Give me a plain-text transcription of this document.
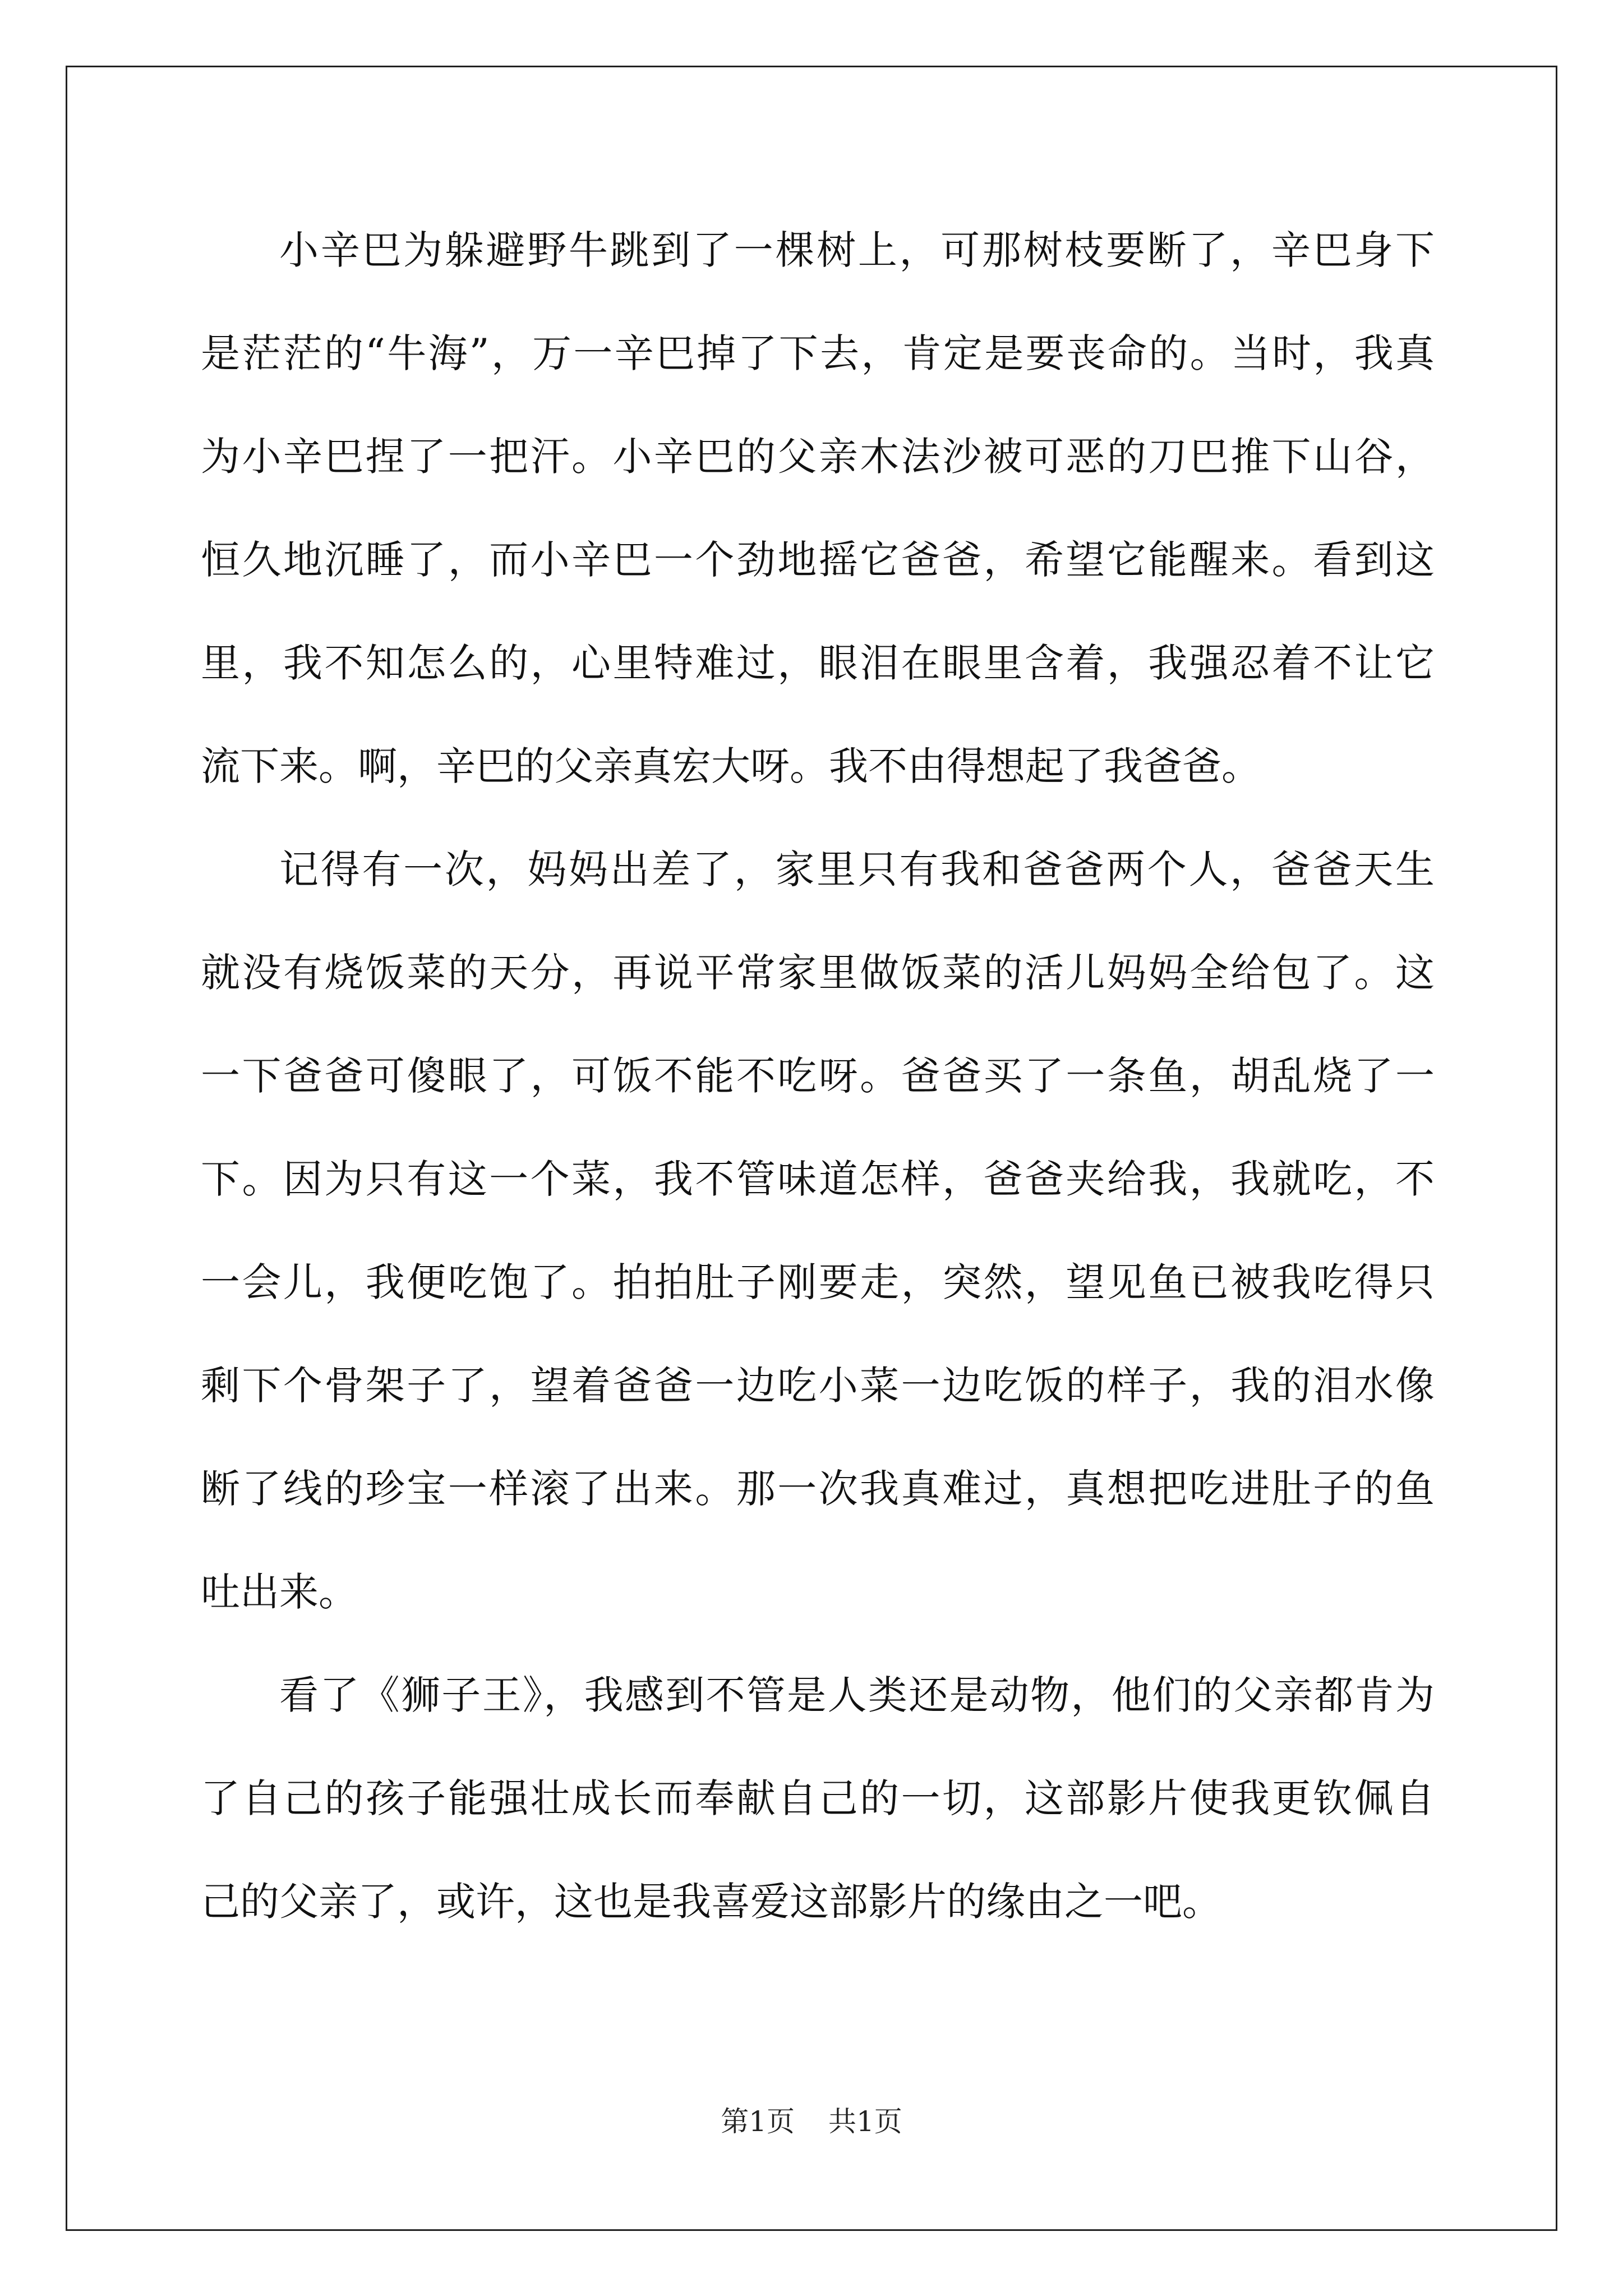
小辛巴为躲避野牛跳到了一棵树上，可那树枝要断了，辛巴身下
是茫茫的“牛海”，万一辛巴掉了下去，肯定是要丧命的。当时，我真
为小辛巴捏了一把汗。小辛巴的父亲木法沙被可恶的刀巴推下山谷，
恒久地沉睡了，而小辛巴一个劲地摇它爸爸，希望它能醒来。看到这
里，我不知怎么的，心里特难过，眼泪在眼里含着，我强忍着不让它
流下来。啊，辛巴的父亲真宏大呀。我不由得想起了我爸爸。
记得有一次，妈妈出差了，家里只有我和爸爸两个人，爸爸天生
就没有烧饭菜的天分，再说平常家里做饭菜的活儿妈妈全给包了。这
一下爸爸可傻眼了，可饭不能不吃呀。爸爸买了一条鱼，胡乱烧了一
下。因为只有这一个菜，我不管味道怎样，爸爸夹给我，我就吃，不
一会儿，我便吃饱了。拍拍肚子刚要走，突然，望见鱼已被我吃得只
剩下个骨架子了，望着爸爸一边吃小菜一边吃饭的样子，我的泪水像
断了线的珍宝一样滚了出来。那一次我真难过，真想把吃进肚子的鱼
吐出来。
看了《狮子王》，我感到不管是人类还是动物，他们的父亲都肯为
了自己的孩子能强壮成长而奉献自己的一切，这部影片使我更钦佩自
己的父亲了，或许，这也是我喜爱这部影片的缘由之一吧。
第1页 共1页
